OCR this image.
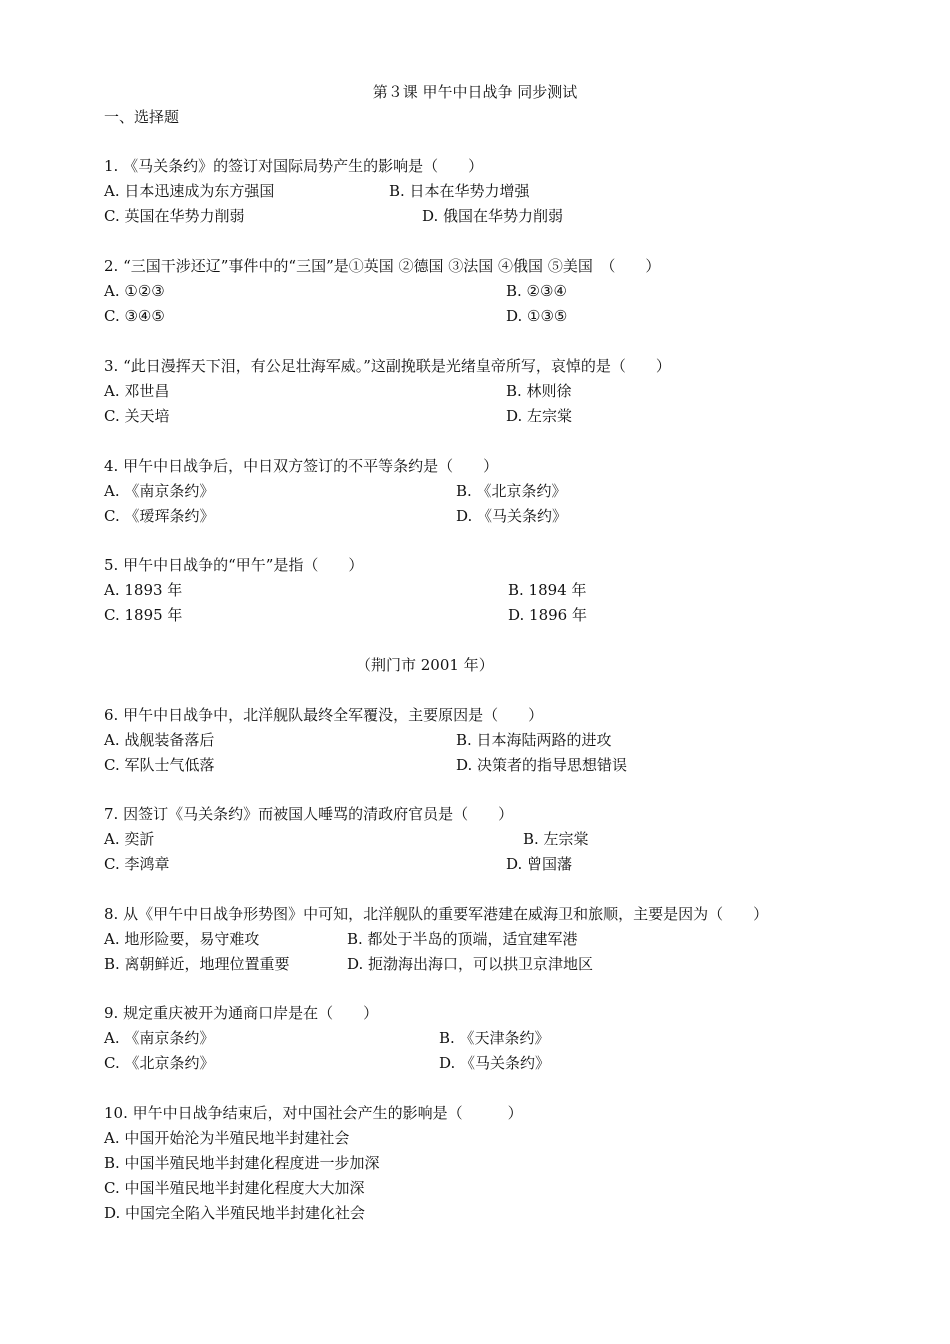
第３课 甲午中日战争 同步测试
一、选择题
1. 《马关条约》的签订对国际局势产生的影响是（　　）
A. 日本迅速成为东方强国	B. 日本在华势力增强
C. 英国在华势力削弱	D. 俄国在华势力削弱
2. “三国干涉还辽”事件中的“三国”是①英国 ②德国 ③法国 ④俄国 ⑤美国　（　　）
A. ①②③	B. ②③④
C. ③④⑤	D. ①③⑤
3. “此日漫挥天下泪，有公足壮海军威。”这副挽联是光绪皇帝所写，哀悼的是（　　）
A. 邓世昌	B. 林则徐
C. 关天培	D. 左宗棠
4. 甲午中日战争后，中日双方签订的不平等条约是（　　）
A. 《南京条约》	B. 《北京条约》
C. 《瑷珲条约》	D. 《马关条约》
5. 甲午中日战争的“甲午”是指（　　）
A. 1893 年	B. 1894 年
C. 1895 年	D. 1896 年
（荆门市 2001 年）
6. 甲午中日战争中，北洋舰队最终全军覆没，主要原因是（　　）
A. 战舰装备落后	B. 日本海陆两路的进攻
C. 军队士气低落	D. 决策者的指导思想错误
7. 因签订《马关条约》而被国人唾骂的清政府官员是（　　）
A. 奕訢	B. 左宗棠
C. 李鸿章	D. 曾国藩
8. 从《甲午中日战争形势图》中可知，北洋舰队的重要军港建在威海卫和旅顺，主要是因为（　　）
A. 地形险要，易守难攻	B. 都处于半岛的顶端，适宜建军港
B. 离朝鲜近，地理位置重要	D. 扼渤海出海口，可以拱卫京津地区
9. 规定重庆被开为通商口岸是在（　　）
A. 《南京条约》	B. 《天津条约》
C. 《北京条约》	D. 《马关条约》
10. 甲午中日战争结束后，对中国社会产生的影响是（　　　）
A. 中国开始沦为半殖民地半封建社会
B. 中国半殖民地半封建化程度进一步加深
C. 中国半殖民地半封建化程度大大加深
D. 中国完全陷入半殖民地半封建化社会
